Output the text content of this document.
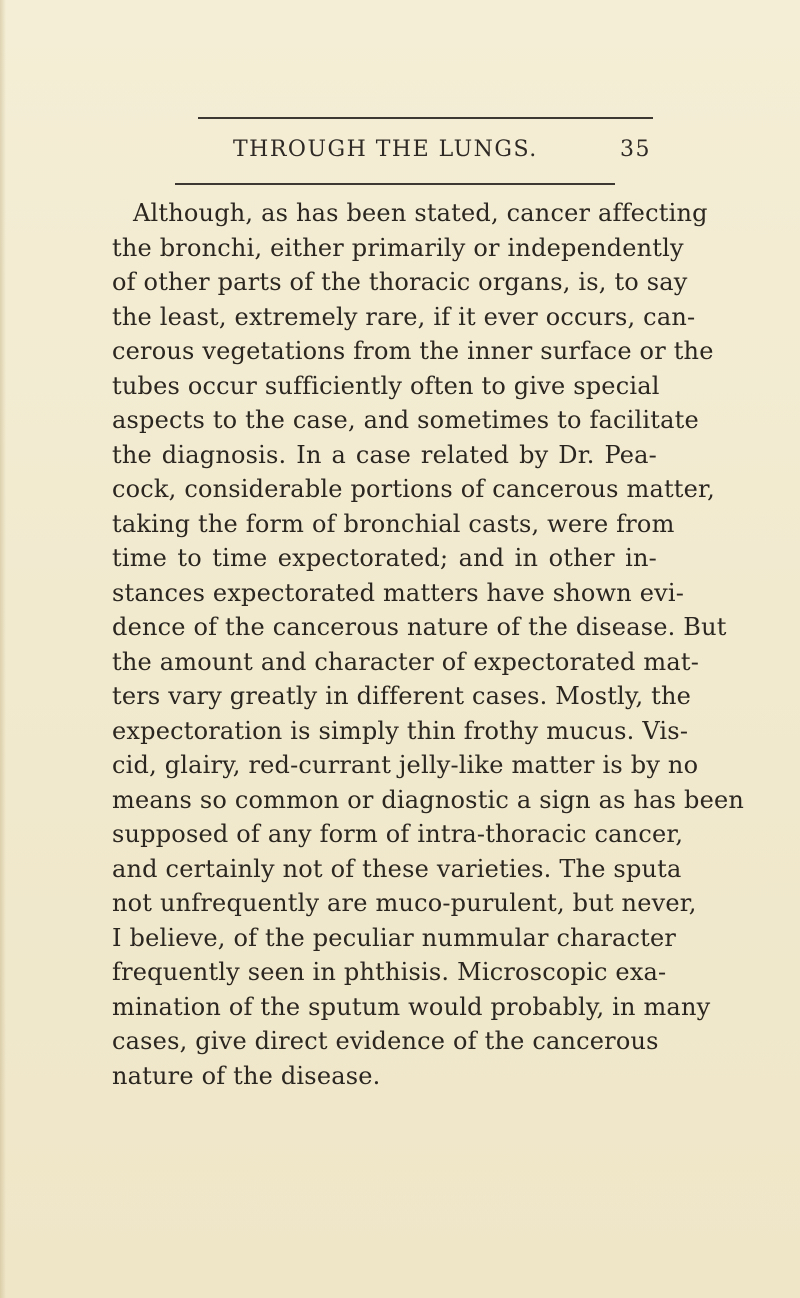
THROUGH THE LUNGS.	35
Although, as has been stated, cancer affecting
the bronchi, either primarily or independently
of other parts of the thoracic organs, is, to say
the least, extremely rare, if it ever occurs, can-
cerous vegetations from the inner surface or the
tubes occur sufficiently often to give special
aspects to the case, and sometimes to facilitate
the diagnosis. In a case related by Dr. Pea-
cock, considerable portions of cancerous matter,
taking the form of bronchial casts, were from
time to time expectorated; and in other in-
stances expectorated matters have shown evi-
dence of the cancerous nature of the disease. But
the amount and character of expectorated mat-
ters vary greatly in different cases. Mostly, the
expectoration is simply thin frothy mucus. Vis-
cid, glairy, red-currant jelly-like matter is by no
means so common or diagnostic a sign as has been
supposed of any form of intra-thoracic cancer,
and certainly not of these varieties. The sputa
not unfrequently are muco-purulent, but never,
I believe, of the peculiar nummular character
frequently seen in phthisis. Microscopic exa-
mination of the sputum would probably, in many
cases, give direct evidence of the cancerous
nature of the disease.
